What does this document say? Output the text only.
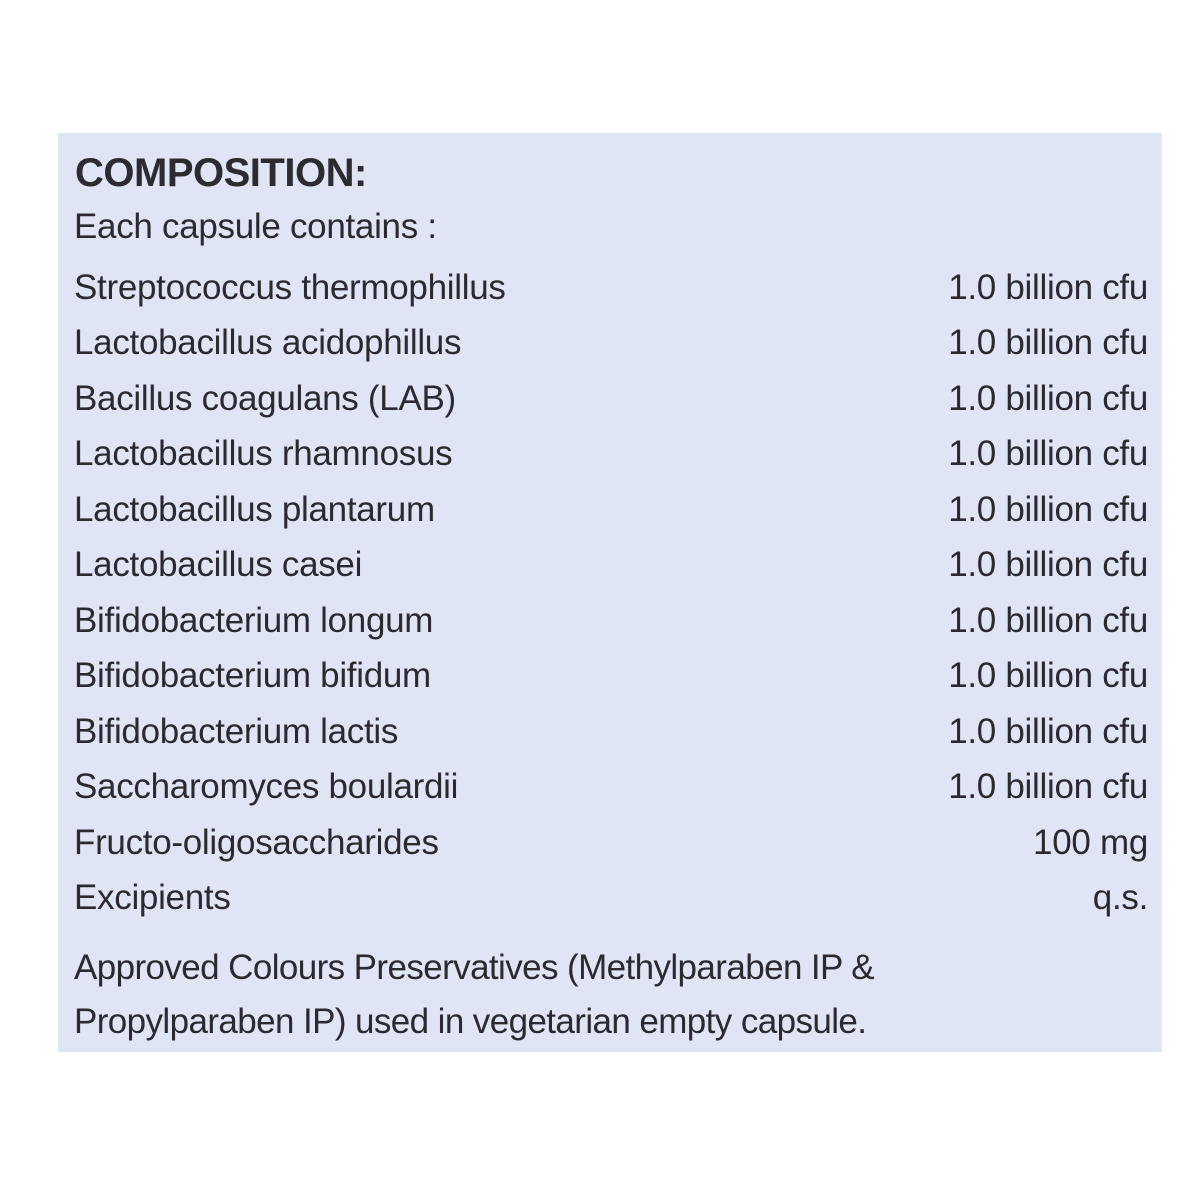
COMPOSITION:
Each capsule contains :
Streptococcus thermophillus	1.0 billion cfu
Lactobacillus acidophillus	1.0 billion cfu
Bacillus coagulans (LAB)	1.0 billion cfu
Lactobacillus rhamnosus	1.0 billion cfu
Lactobacillus plantarum	1.0 billion cfu
Lactobacillus casei	1.0 billion cfu
Bifidobacterium longum	1.0 billion cfu
Bifidobacterium bifidum	1.0 billion cfu
Bifidobacterium lactis	1.0 billion cfu
Saccharomyces boulardii	1.0 billion cfu
Fructo-oligosaccharides	100 mg
Excipients	q.s.
Approved Colours Preservatives (Methylparaben IP &
Propylparaben IP) used in vegetarian empty capsule.
